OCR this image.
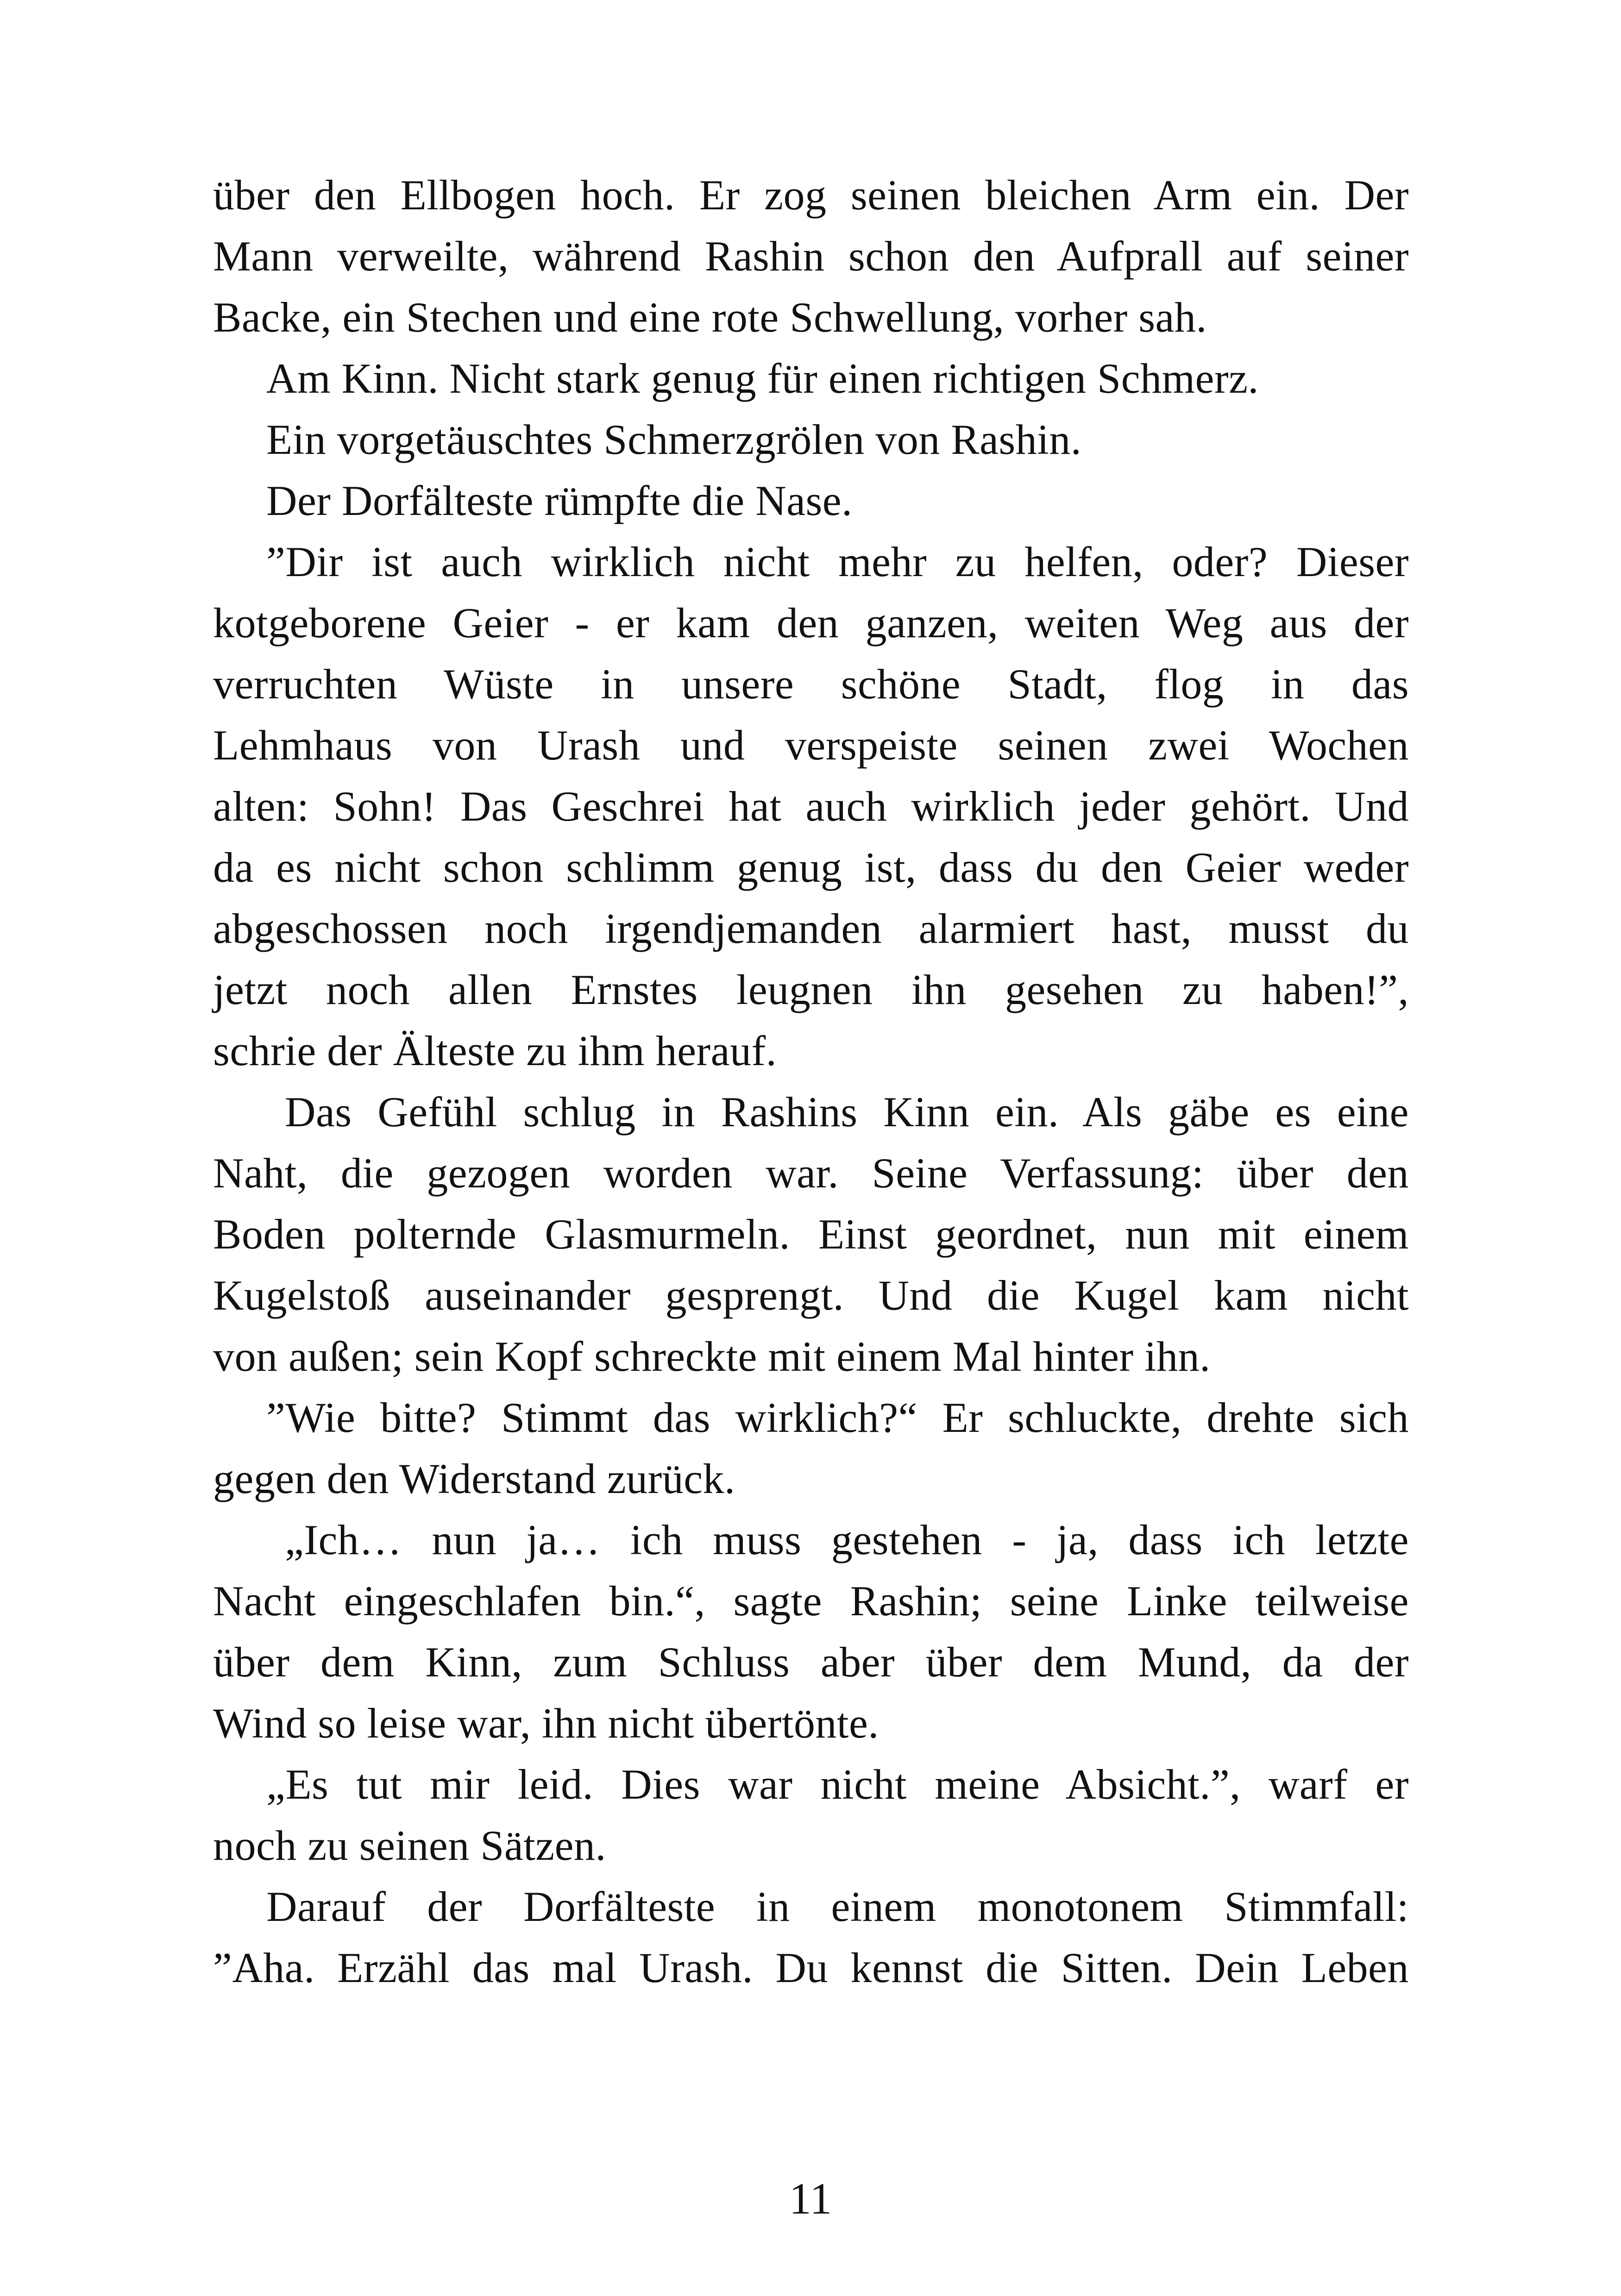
über den Ellbogen hoch. Er zog seinen bleichen Arm ein. Der
Mann verweilte, während Rashin schon den Aufprall auf seiner
Backe, ein Stechen und eine rote Schwellung, vorher sah.
Am Kinn. Nicht stark genug für einen richtigen Schmerz.
Ein vorgetäuschtes Schmerzgrölen von Rashin.
Der Dorfälteste rümpfte die Nase.
”Dir ist auch wirklich nicht mehr zu helfen, oder? Dieser
kotgeborene Geier - er kam den ganzen, weiten Weg aus der
verruchten Wüste in unsere schöne Stadt, flog in das
Lehmhaus von Urash und verspeiste seinen zwei Wochen
alten: Sohn! Das Geschrei hat auch wirklich jeder gehört. Und
da es nicht schon schlimm genug ist, dass du den Geier weder
abgeschossen noch irgendjemanden alarmiert hast, musst du
jetzt noch allen Ernstes leugnen ihn gesehen zu haben!”,
schrie der Älteste zu ihm herauf.
Das Gefühl schlug in Rashins Kinn ein. Als gäbe es eine
Naht, die gezogen worden war. Seine Verfassung: über den
Boden polternde Glasmurmeln. Einst geordnet, nun mit einem
Kugelstoß auseinander gesprengt. Und die Kugel kam nicht
von außen; sein Kopf schreckte mit einem Mal hinter ihn.
”Wie bitte? Stimmt das wirklich?“ Er schluckte, drehte sich
gegen den Widerstand zurück.
„Ich… nun ja… ich muss gestehen - ja, dass ich letzte
Nacht eingeschlafen bin.“, sagte Rashin; seine Linke teilweise
über dem Kinn, zum Schluss aber über dem Mund, da der
Wind so leise war, ihn nicht übertönte.
„Es tut mir leid. Dies war nicht meine Absicht.”, warf er
noch zu seinen Sätzen.
Darauf der Dorfälteste in einem monotonem Stimmfall:
”Aha. Erzähl das mal Urash. Du kennst die Sitten. Dein Leben
11
